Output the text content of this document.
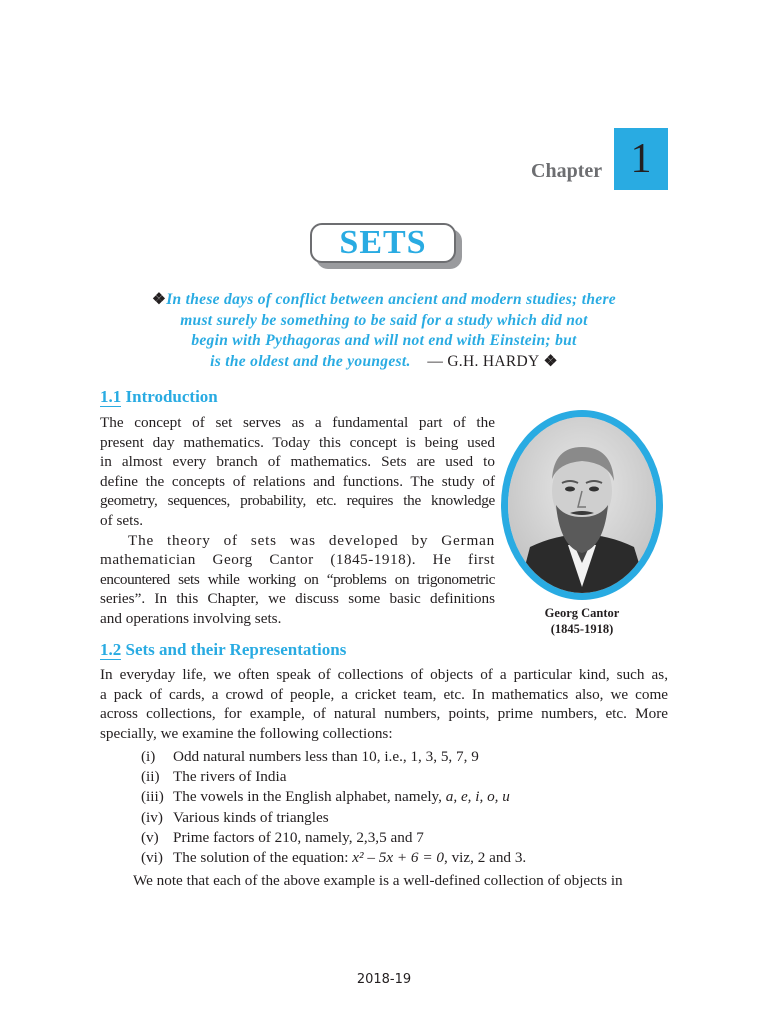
Chapter 1
SETS
❖In these days of conflict between ancient and modern studies; there
must surely be something to be said for a study which did not
begin with Pythagoras and will not end with Einstein; but
is the oldest and the youngest. — G.H. HARDY ❖
1.1 Introduction
The concept of set serves as a fundamental part of the
present day mathematics. Today this concept is being used
in almost every branch of mathematics. Sets are used to
define the concepts of relations and functions. The study of
geometry, sequences, probability, etc. requires the knowledge
of sets.
The theory of sets was developed by German
mathematician Georg Cantor (1845-1918). He first
encountered sets while working on “problems on trigonometric
series”. In this Chapter, we discuss some basic definitions
and operations involving sets.	Georg Cantor
(1845-1918)
1.2 Sets and their Representations
In everyday life, we often speak of collections of objects of a particular kind, such as,
a pack of cards, a crowd of people, a cricket team, etc. In mathematics also, we come
across collections, for example, of natural numbers, points, prime numbers, etc. More
specially, we examine the following collections:
(i)	Odd natural numbers less than 10, i.e., 1, 3, 5, 7, 9
(ii) The rivers of India
(iii) The vowels in the English alphabet, namely, a, e, i, o, u
(iv) Various kinds of triangles
(v) Prime factors of 210, namely, 2,3,5 and 7
(vi) The solution of the equation: x² – 5x + 6 = 0, viz, 2 and 3.
We note that each of the above example is a well-defined collection of objects in
2018-19
